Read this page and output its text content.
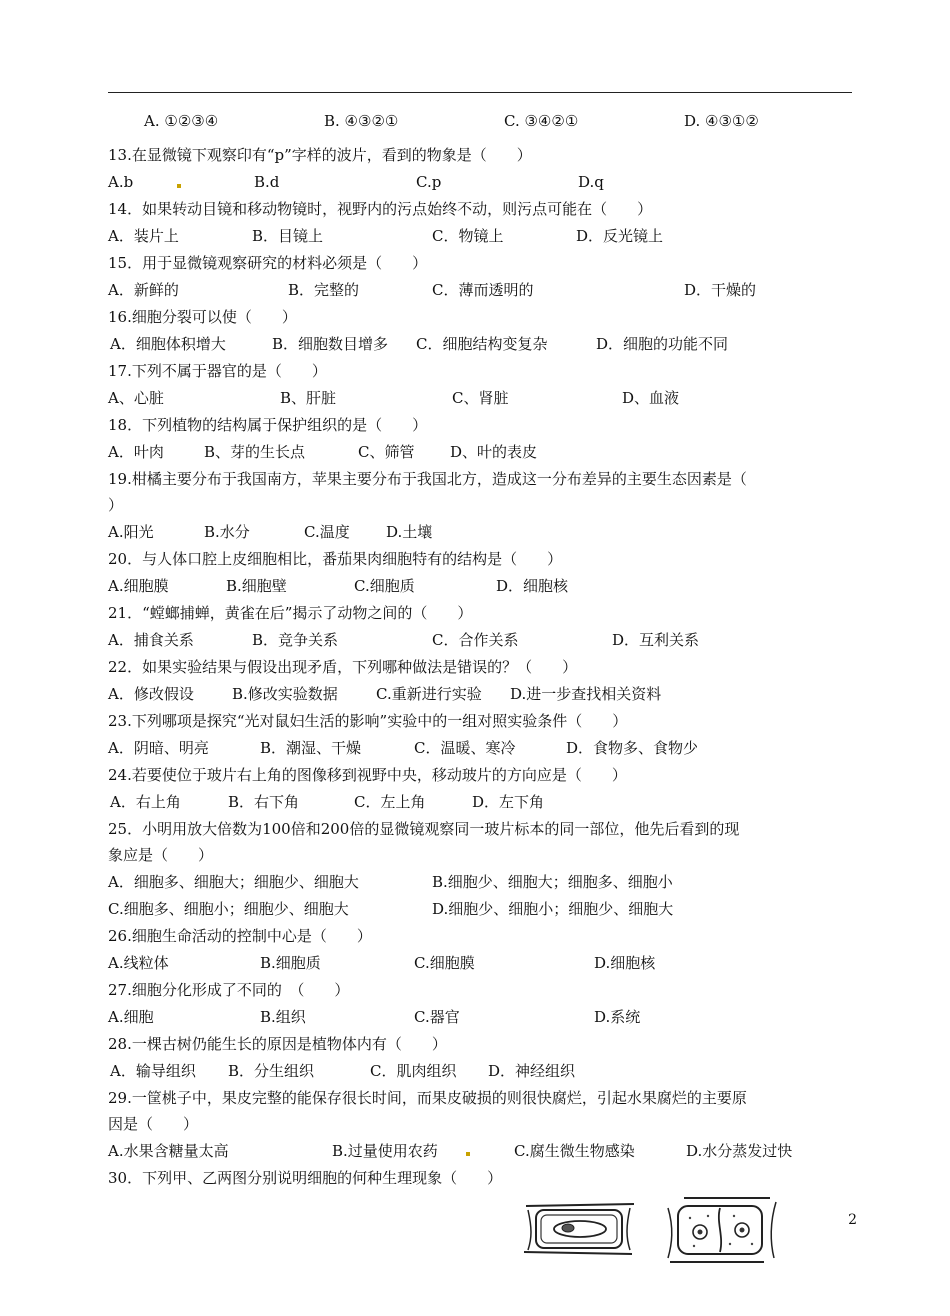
A. ①②③④	B. ④③②①	C. ③④②①	D. ④③①②
13.在显微镜下观察印有“p”字样的波片，看到的物象是（　　）
A.b	B.d	C.p	D.q
14．如果转动目镜和移动物镜时，视野内的污点始终不动，则污点可能在（　　）
A．装片上	B．目镜上	C．物镜上	D．反光镜上
15．用于显微镜观察研究的材料必须是（　　）
A．新鲜的	B．完整的	C．薄而透明的	D．干燥的
16.细胞分裂可以使（　　）
A．细胞体积增大	B．细胞数目增多 C．细胞结构变复杂	D．细胞的功能不同
17.下列不属于器官的是（　　）
A、心脏	B、肝脏	C、肾脏	D、血液
18．下列植物的结构属于保护组织的是（　　）
A．叶肉	B、芽的生长点	C、筛管 D、叶的表皮
19.柑橘主要分布于我国南方，苹果主要分布于我国北方，造成这一分布差异的主要生态因素是（
）
A.阳光	B.水分	C.温度 D.土壤
20．与人体口腔上皮细胞相比，番茄果肉细胞特有的结构是（　　）
A.细胞膜	B.细胞壁	C.细胞质	D．细胞核
21．“螳螂捕蝉，黄雀在后”揭示了动物之间的（　　）
A．捕食关系	B．竞争关系	C．合作关系	D．互利关系
22．如果实验结果与假设出现矛盾，下列哪种做法是错误的？（　　）
A．修改假设	B.修改实验数据	C.重新进行实验 D.进一步查找相关资料
23.下列哪项是探究“光对鼠妇生活的影响”实验中的一组对照实验条件（　　）
A．阴暗、明亮	B．潮湿、干燥	C．温暖、寒冷	D．食物多、食物少
24.若要使位于玻片右上角的图像移到视野中央，移动玻片的方向应是（　　）
A．右上角	B．右下角	C．左上角	D．左下角
25．小明用放大倍数为100倍和200倍的显微镜观察同一玻片标本的同一部位，他先后看到的现
象应是（　　）
A．细胞多、细胞大；细胞少、细胞大	B.细胞少、细胞大；细胞多、细胞小
C.细胞多、细胞小；细胞少、细胞大	D.细胞少、细胞小；细胞少、细胞大
26.细胞生命活动的控制中心是（　　）
A.线粒体	B.细胞质	C.细胞膜	D.细胞核
27.细胞分化形成了不同的　（　　）
A.细胞	B.组织	C.器官	D.系统
28.一棵古树仍能生长的原因是植物体内有（　　）
A．输导组织 B．分生组织	C．肌肉组织 D．神经组织
29.一筐桃子中，果皮完整的能保存很长时间，而果皮破损的则很快腐烂，引起水果腐烂的主要原
因是（　　）
A.水果含糖量太高	B.过量使用农药	C.腐生微生物感染	D.水分蒸发过快
30．下列甲、乙两图分别说明细胞的何种生理现象（　　）
2
